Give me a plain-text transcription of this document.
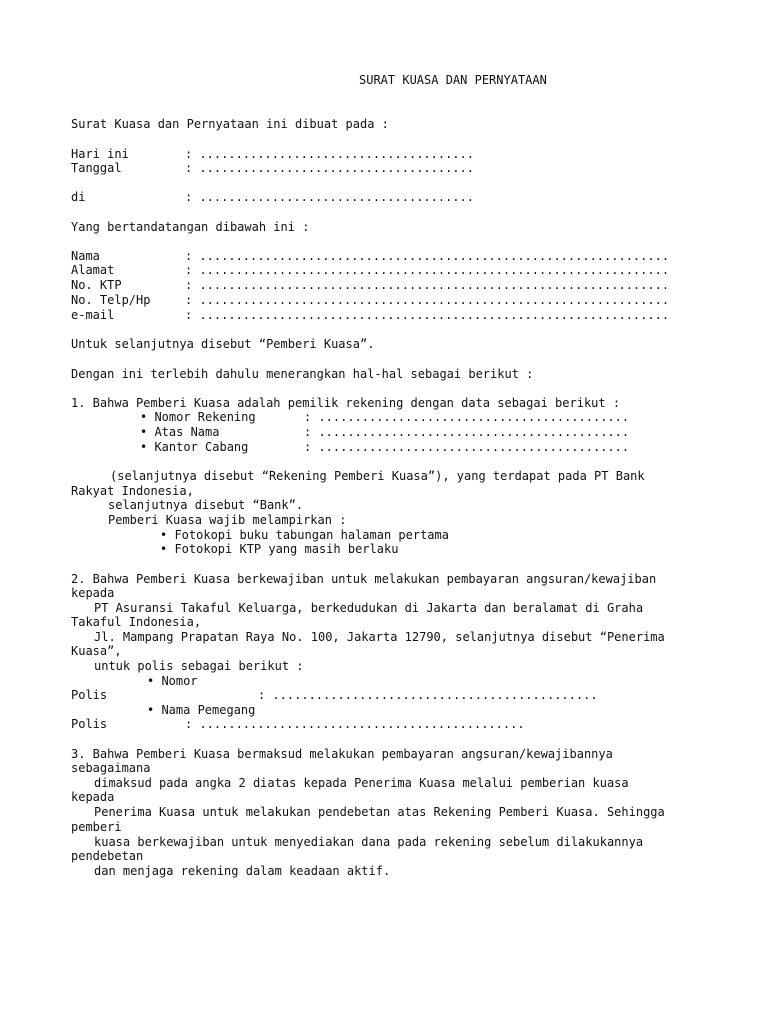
SURAT KUASA DAN PERNYATAAN
Surat Kuasa dan Pernyataan ini dibuat pada :
Hari ini	: ......................................
Tanggal	: ......................................
di	: ......................................
Yang bertandatangan dibawah ini :
Nama	: .................................................................
Alamat	: .................................................................
No. KTP	: .................................................................
No. Telp/Hp	: .................................................................
e-mail	: .................................................................
Untuk selanjutnya disebut “Pemberi Kuasa”.
Dengan ini terlebih dahulu menerangkan hal-hal sebagai berikut :
1. Bahwa Pemberi Kuasa adalah pemilik rekening dengan data sebagai berikut :
• Nomor Rekening	: ...........................................
• Atas Nama	: ...........................................
• Kantor Cabang	: ...........................................
(selanjutnya disebut “Rekening Pemberi Kuasa”), yang terdapat pada PT Bank
Rakyat Indonesia,
selanjutnya disebut “Bank”.
Pemberi Kuasa wajib melampirkan :
• Fotokopi buku tabungan halaman pertama
• Fotokopi KTP yang masih berlaku
2. Bahwa Pemberi Kuasa berkewajiban untuk melakukan pembayaran angsuran/kewajiban
kepada
PT Asuransi Takaful Keluarga, berkedudukan di Jakarta dan beralamat di Graha
Takaful Indonesia,
Jl. Mampang Prapatan Raya No. 100, Jakarta 12790, selanjutnya disebut “Penerima
Kuasa”,
untuk polis sebagai berikut :
• Nomor
Polis	: .............................................
• Nama Pemegang
Polis	: .............................................
3. Bahwa Pemberi Kuasa bermaksud melakukan pembayaran angsuran/kewajibannya
sebagaimana
dimaksud pada angka 2 diatas kepada Penerima Kuasa melalui pemberian kuasa
kepada
Penerima Kuasa untuk melakukan pendebetan atas Rekening Pemberi Kuasa. Sehingga
pemberi
kuasa berkewajiban untuk menyediakan dana pada rekening sebelum dilakukannya
pendebetan
dan menjaga rekening dalam keadaan aktif.
